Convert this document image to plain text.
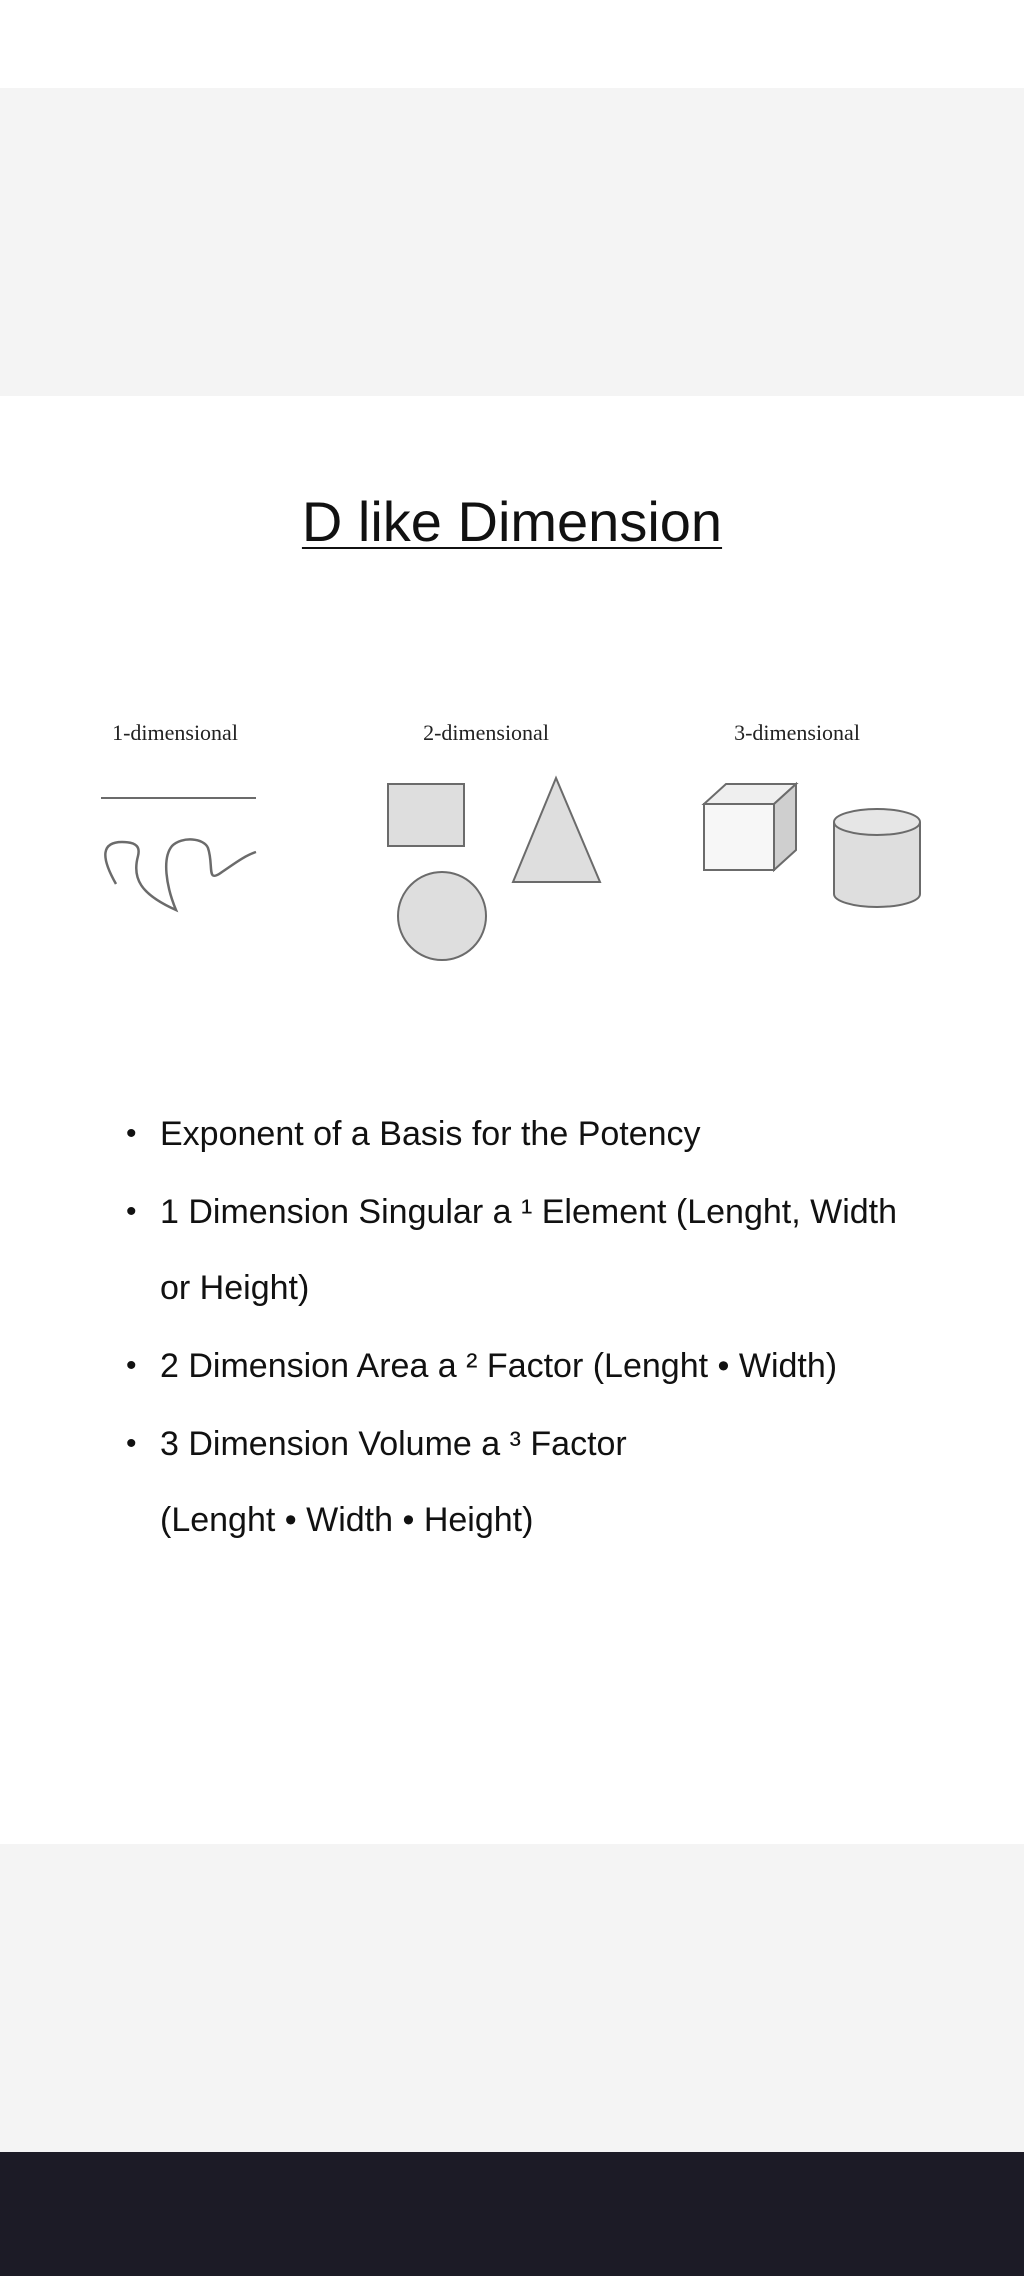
D like Dimension
1-dimensional	2-dimensional	3-dimensional
• Exponent of a Basis for the Potency
• 1 Dimension Singular a ¹ Element (Lenght, Width or Height)
• 2 Dimension Area a ² Factor (Lenght • Width)
• 3 Dimension Volume a ³ Factor (Lenght • Width • Height)
